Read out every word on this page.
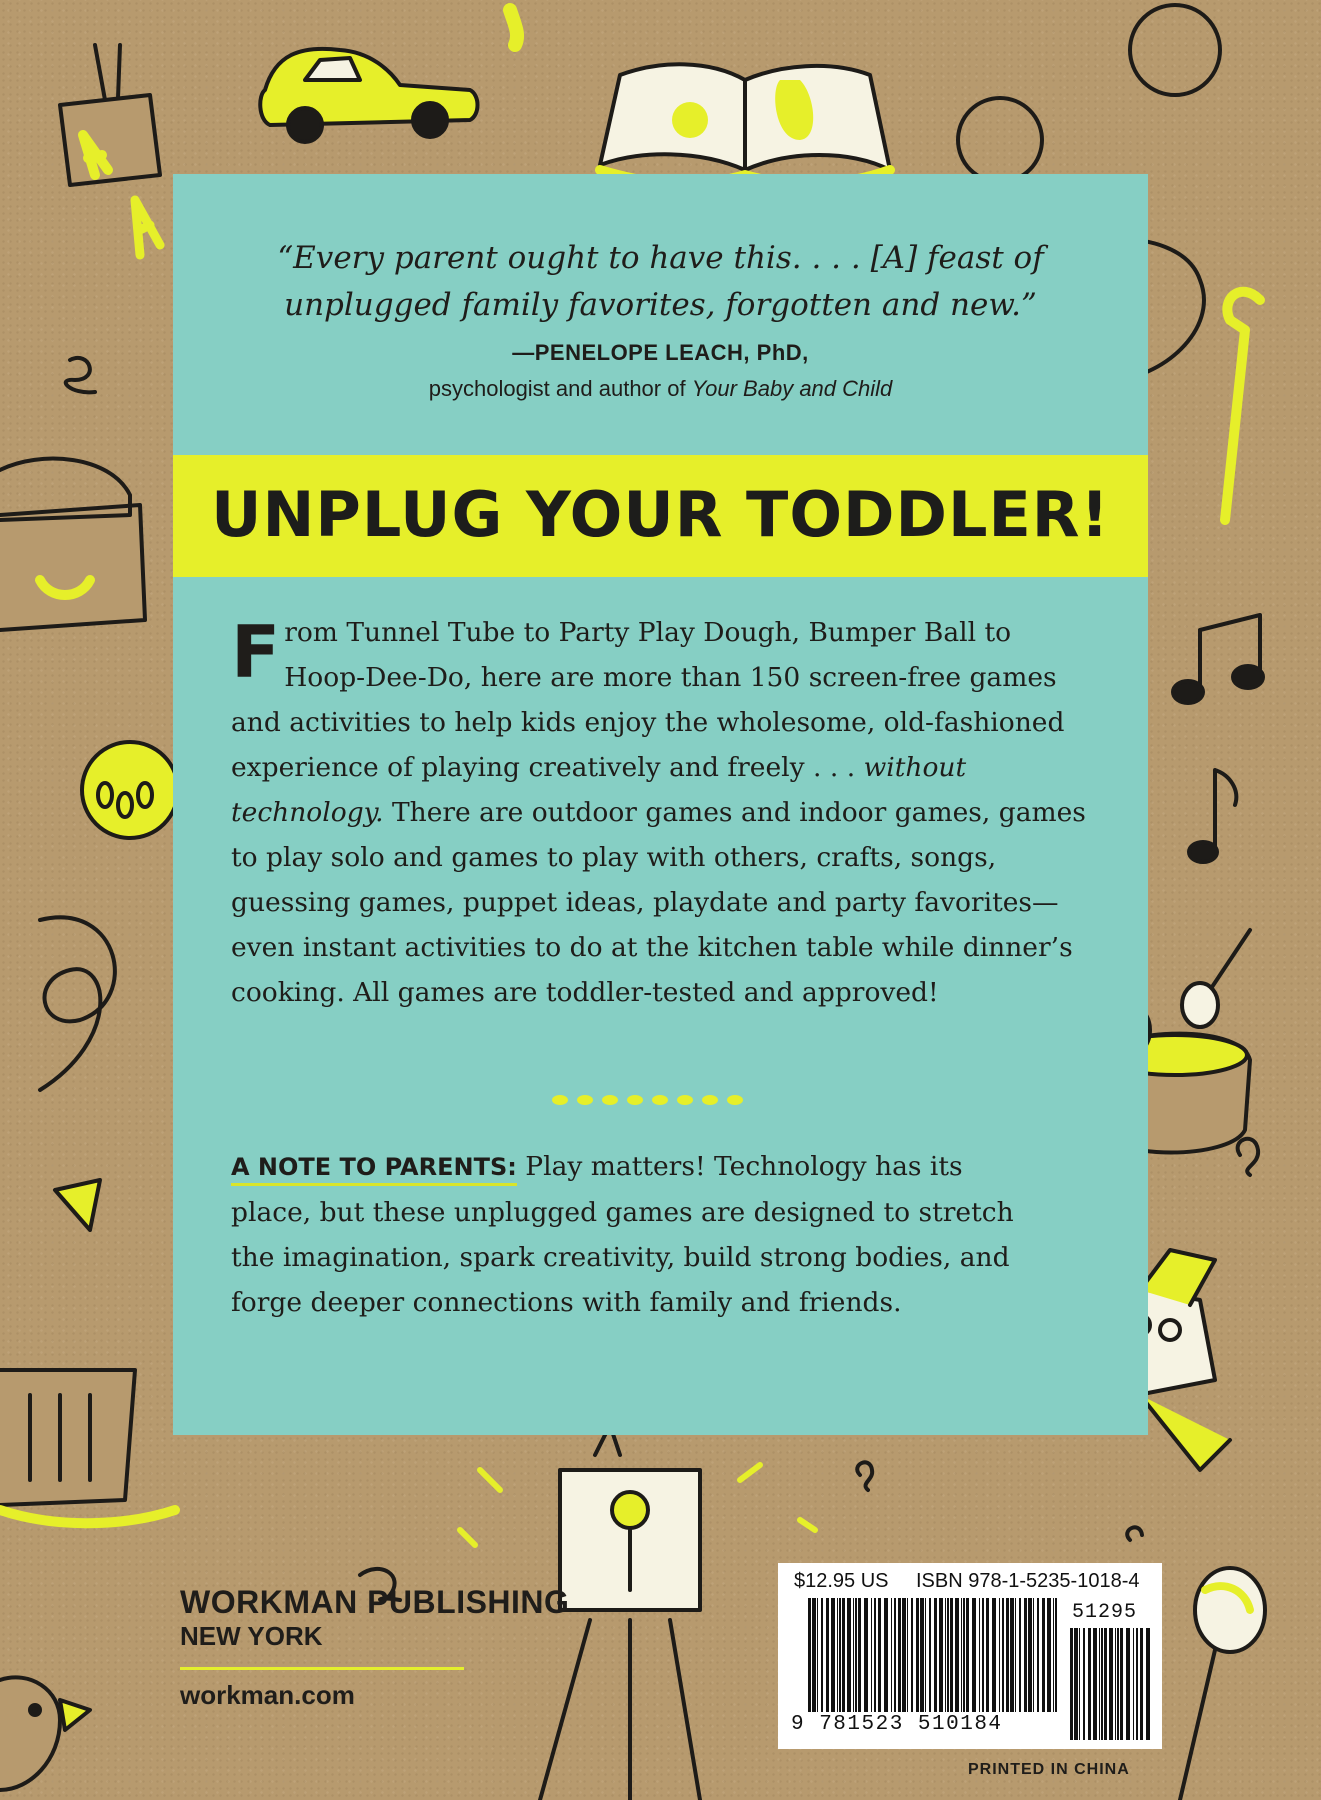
“Every parent ought to have this. . . . [A] feast of
unplugged family favorites, forgotten and new.”
—PENELOPE LEACH, PhD,
psychologist and author of Your Baby and Child
UNPLUG YOUR TODDLER!
From Tunnel Tube to Party Play Dough, Bumper Ball to Hoop-Dee-Do, here are more than 150 screen-free games and activities to help kids enjoy the wholesome, old-fashioned experience of playing creatively and freely . . . without technology. There are outdoor games and indoor games, games to play solo and games to play with others, crafts, songs, guessing games, puppet ideas, playdate and party favorites—even instant activities to do at the kitchen table while dinner’s cooking. All games are toddler-tested and approved!
A NOTE TO PARENTS: Play matters! Technology has its place, but these unplugged games are designed to stretch the imagination, spark creativity, build strong bodies, and forge deeper connections with family and friends.
WORKMAN PUBLISHING
NEW YORK
workman.com
$12.95 US ISBN 978-1-5235-1018-4
51295
9 781523 510184
PRINTED IN CHINA
